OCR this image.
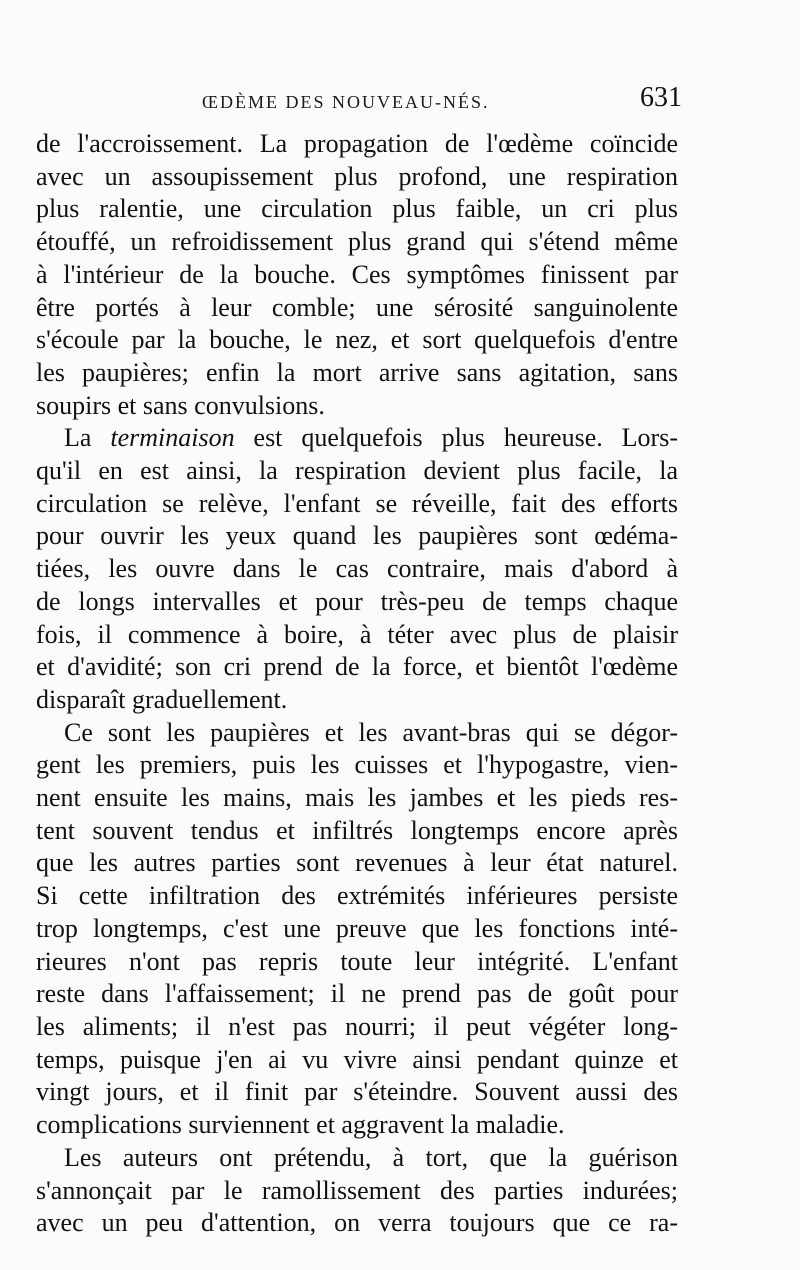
ŒDÈME DES NOUVEAU-NÉS.	631

de l'accroissement. La propagation de l'œdème coïncide
avec un assoupissement plus profond, une respiration
plus ralentie, une circulation plus faible, un cri plus
étouffé, un refroidissement plus grand qui s'étend même
à l'intérieur de la bouche. Ces symptômes finissent par
être portés à leur comble; une sérosité sanguinolente
s'écoule par la bouche, le nez, et sort quelquefois d'entre
les paupières; enfin la mort arrive sans agitation, sans
soupirs et sans convulsions.

La terminaison est quelquefois plus heureuse. Lors-
qu'il en est ainsi, la respiration devient plus facile, la
circulation se relève, l'enfant se réveille, fait des efforts
pour ouvrir les yeux quand les paupières sont œdéma-
tiées, les ouvre dans le cas contraire, mais d'abord à
de longs intervalles et pour très-peu de temps chaque
fois, il commence à boire, à téter avec plus de plaisir
et d'avidité; son cri prend de la force, et bientôt l'œdème
disparaît graduellement.

Ce sont les paupières et les avant-bras qui se dégor-
gent les premiers, puis les cuisses et l'hypogastre, vien-
nent ensuite les mains, mais les jambes et les pieds res-
tent souvent tendus et infiltrés longtemps encore après
que les autres parties sont revenues à leur état naturel.
Si cette infiltration des extrémités inférieures persiste
trop longtemps, c'est une preuve que les fonctions inté-
rieures n'ont pas repris toute leur intégrité. L'enfant
reste dans l'affaissement; il ne prend pas de goût pour
les aliments; il n'est pas nourri; il peut végéter long-
temps, puisque j'en ai vu vivre ainsi pendant quinze et
vingt jours, et il finit par s'éteindre. Souvent aussi des
complications surviennent et aggravent la maladie.

Les auteurs ont prétendu, à tort, que la guérison
s'annonçait par le ramollissement des parties indurées;
avec un peu d'attention, on verra toujours que ce ra-
